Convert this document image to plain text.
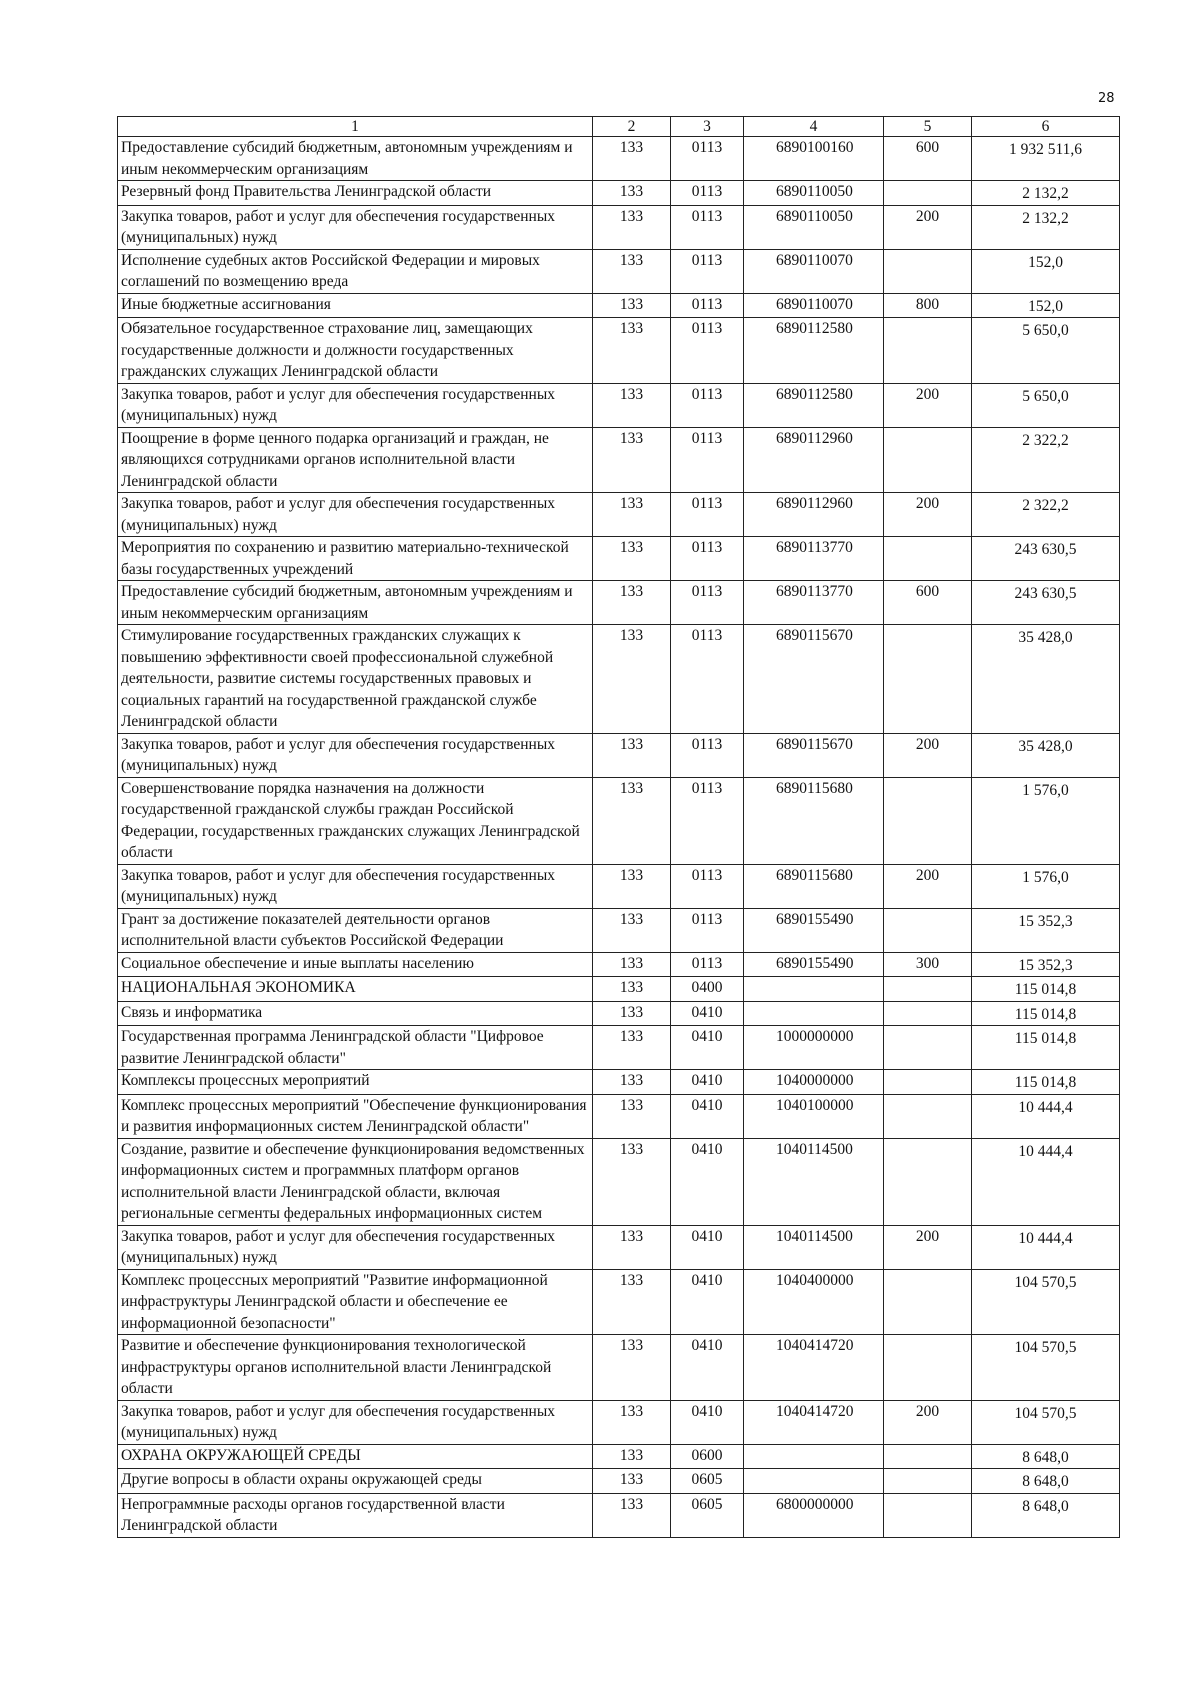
28
1	2	3	4	5	6
Предоставление субсидий бюджетным, автономным учреждениям и иным некоммерческим организациям	133	0113	6890100160	600	1 932 511,6
Резервный фонд Правительства Ленинградской области	133	0113	6890110050		2 132,2
Закупка товаров, работ и услуг для обеспечения государственных (муниципальных) нужд	133	0113	6890110050	200	2 132,2
Исполнение судебных актов Российской Федерации и мировых соглашений по возмещению вреда	133	0113	6890110070		152,0
Иные бюджетные ассигнования	133	0113	6890110070	800	152,0
Обязательное государственное страхование лиц, замещающих государственные должности и должности государственных гражданских служащих Ленинградской области	133	0113	6890112580		5 650,0
Закупка товаров, работ и услуг для обеспечения государственных (муниципальных) нужд	133	0113	6890112580	200	5 650,0
Поощрение в форме ценного подарка организаций и граждан, не являющихся сотрудниками органов исполнительной власти Ленинградской области	133	0113	6890112960		2 322,2
Закупка товаров, работ и услуг для обеспечения государственных (муниципальных) нужд	133	0113	6890112960	200	2 322,2
Мероприятия по сохранению и развитию материально-технической базы государственных учреждений	133	0113	6890113770		243 630,5
Предоставление субсидий бюджетным, автономным учреждениям и иным некоммерческим организациям	133	0113	6890113770	600	243 630,5
Стимулирование государственных гражданских служащих к повышению эффективности своей профессиональной служебной деятельности, развитие системы государственных правовых и социальных гарантий на государственной гражданской службе Ленинградской области	133	0113	6890115670		35 428,0
Закупка товаров, работ и услуг для обеспечения государственных (муниципальных) нужд	133	0113	6890115670	200	35 428,0
Совершенствование порядка назначения на должности государственной гражданской службы граждан Российской Федерации, государственных гражданских служащих Ленинградской области	133	0113	6890115680		1 576,0
Закупка товаров, работ и услуг для обеспечения государственных (муниципальных) нужд	133	0113	6890115680	200	1 576,0
Грант за достижение показателей деятельности органов исполнительной власти субъектов Российской Федерации	133	0113	6890155490		15 352,3
Социальное обеспечение и иные выплаты населению	133	0113	6890155490	300	15 352,3
НАЦИОНАЛЬНАЯ ЭКОНОМИКА	133	0400			115 014,8
Связь и информатика	133	0410			115 014,8
Государственная программа Ленинградской области "Цифровое развитие Ленинградской области"	133	0410	1000000000		115 014,8
Комплексы процессных мероприятий	133	0410	1040000000		115 014,8
Комплекс процессных мероприятий "Обеспечение функционирования и развития информационных систем Ленинградской области"	133	0410	1040100000		10 444,4
Создание, развитие и обеспечение функционирования ведомственных информационных систем и программных платформ органов исполнительной власти Ленинградской области, включая региональные сегменты федеральных информационных систем	133	0410	1040114500		10 444,4
Закупка товаров, работ и услуг для обеспечения государственных (муниципальных) нужд	133	0410	1040114500	200	10 444,4
Комплекс процессных мероприятий "Развитие информационной инфраструктуры Ленинградской области и обеспечение ее информационной безопасности"	133	0410	1040400000		104 570,5
Развитие и обеспечение функционирования технологической инфраструктуры органов исполнительной власти Ленинградской области	133	0410	1040414720		104 570,5
Закупка товаров, работ и услуг для обеспечения государственных (муниципальных) нужд	133	0410	1040414720	200	104 570,5
ОХРАНА ОКРУЖАЮЩЕЙ СРЕДЫ	133	0600			8 648,0
Другие вопросы в области охраны окружающей среды	133	0605			8 648,0
Непрограммные расходы органов государственной власти Ленинградской области	133	0605	6800000000		8 648,0
